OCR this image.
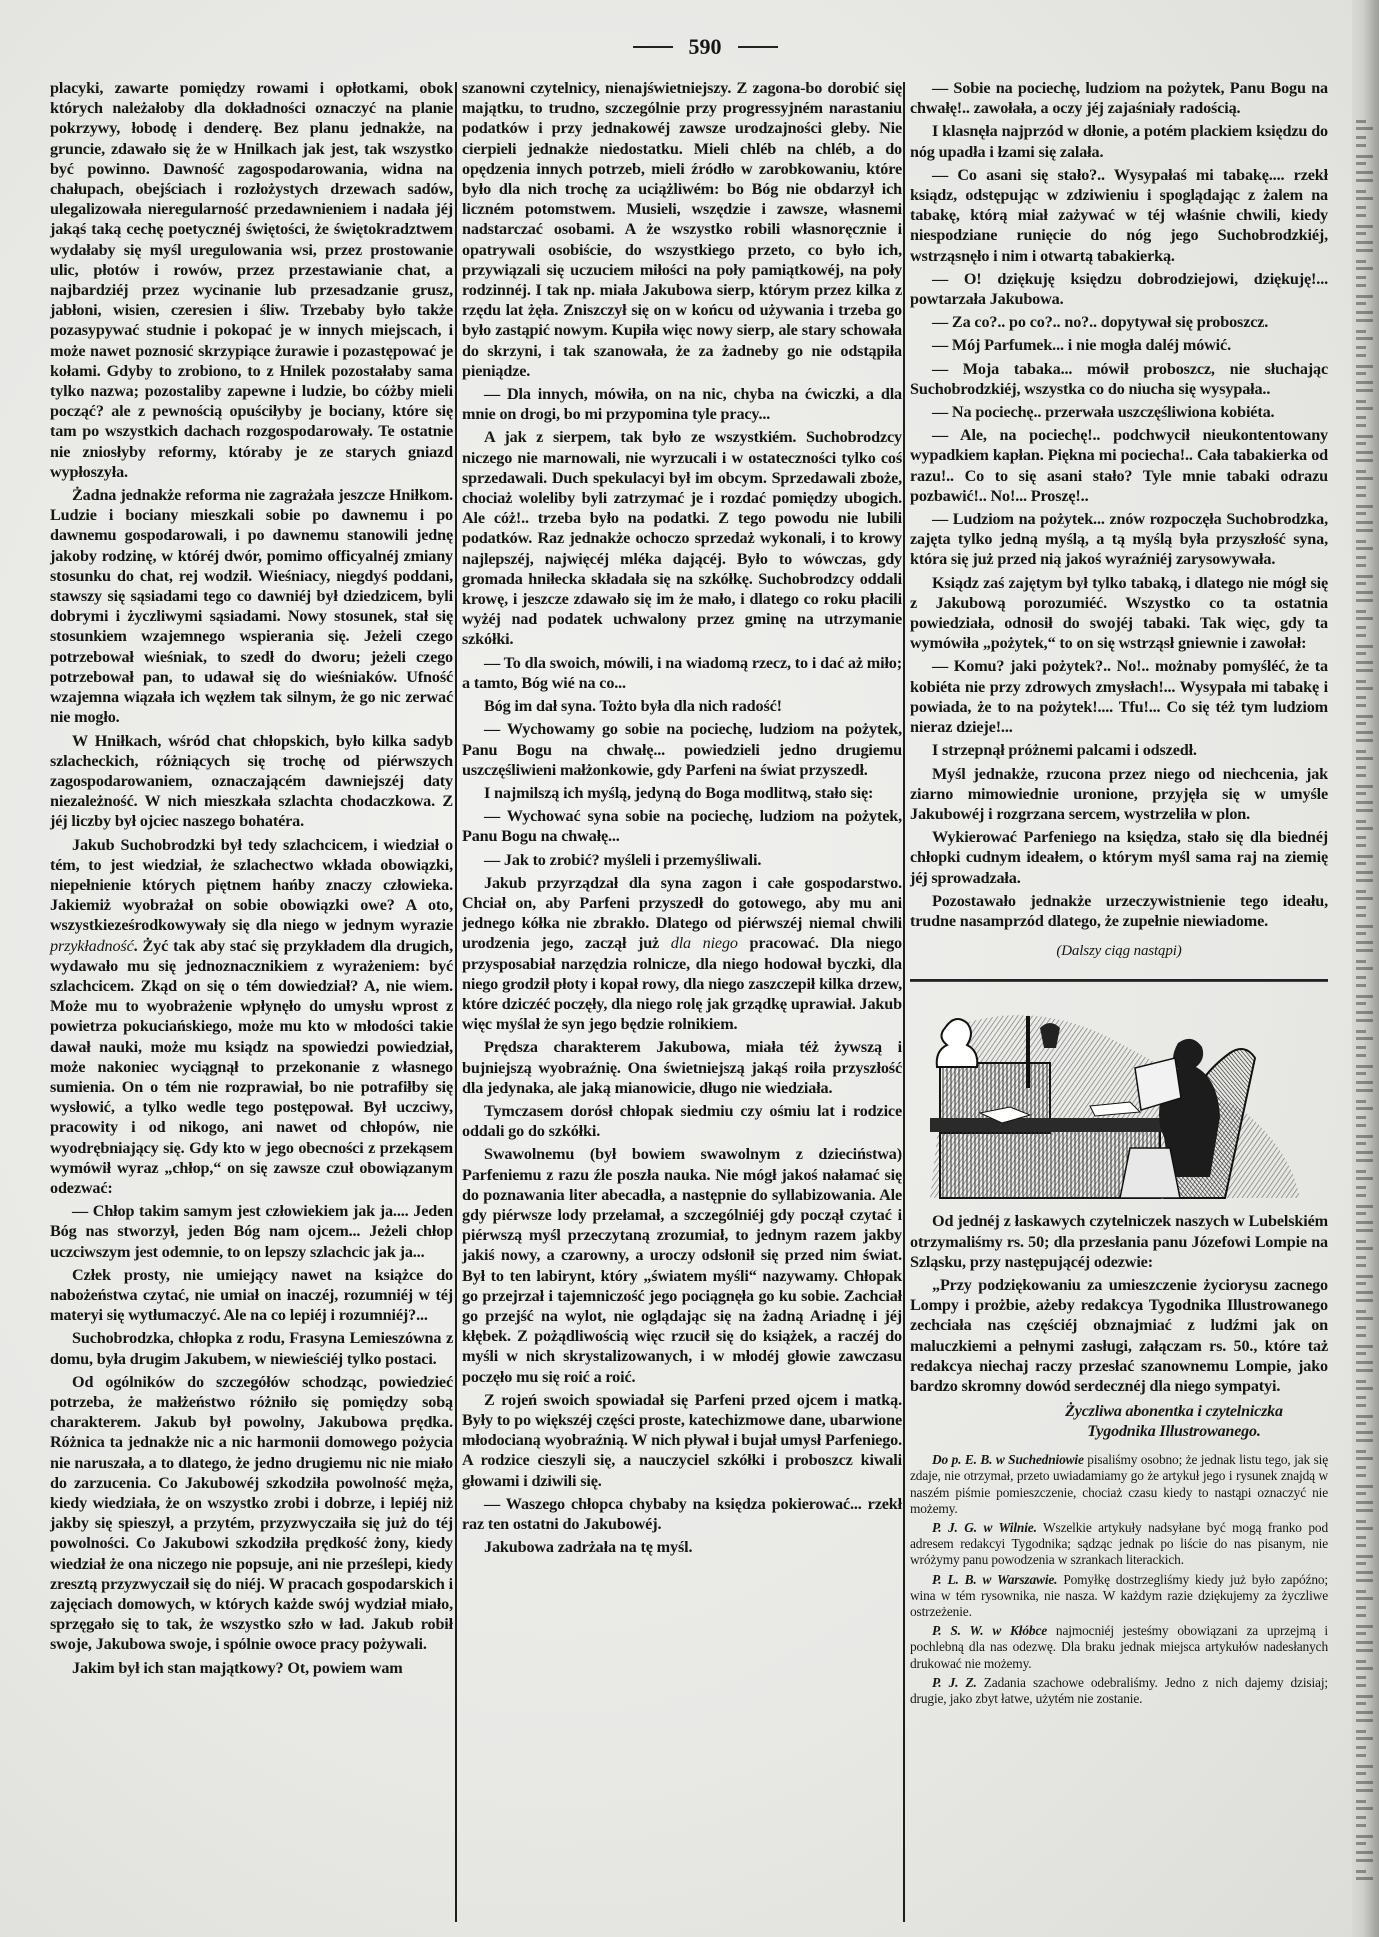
590

placyki, zawarte pomiędzy rowami i opłotkami, obok których należałoby dla dokładności oznaczyć na planie pokrzywy, łobodę i denderę. Bez planu jednakże, na gruncie, zdawało się że w Hnilkach jak jest, tak wszystko być powinno. Dawność zagospodarowania, widna na chałupach, obejściach i rozłożystych drzewach sadów, ulegalizowała nieregularność przedawnieniem i nadała jéj jakąś taką cechę poetycznéj świętości, że świętokradztwem wydałaby się myśl uregulowania wsi, przez prostowanie ulic, płotów i rowów, przez przestawianie chat, a najbardziéj przez wycinanie lub przesadzanie grusz, jabłoni, wisien, czeresien i śliw. Trzebaby było także pozasypywać studnie i pokopać je w innych miejscach, i może nawet poznosić skrzypiące żurawie i pozastępować je kołami. Gdyby to zrobiono, to z Hnilek pozostałaby sama tylko nazwa; pozostaliby zapewne i ludzie, bo cóżby mieli począć? ale z pewnością opuściłyby je bociany, które się tam po wszystkich dachach rozgospodarowały. Te ostatnie nie zniosłyby reformy, któraby je ze starych gniazd wypłoszyła.

Żadna jednakże reforma nie zagrażała jeszcze Hniłkom. Ludzie i bociany mieszkali sobie po dawnemu i po dawnemu gospodarowali, i po dawnemu stanowili jednę jakoby rodzinę, w któréj dwór, pomimo officyalnéj zmiany stosunku do chat, rej wodził. Wieśniacy, niegdyś poddani, stawszy się sąsiadami tego co dawniéj był dziedzicem, byli dobrymi i życzliwymi sąsiadami. Nowy stosunek, stał się stosunkiem wzajemnego wspierania się. Jeżeli czego potrzebował wieśniak, to szedł do dworu; jeżeli czego potrzebował pan, to udawał się do wieśniaków. Ufność wzajemna wiązała ich węzłem tak silnym, że go nic zerwać nie mogło.

W Hniłkach, wśród chat chłopskich, było kilka sadyb szlacheckich, różniących się trochę od piérwszych zagospodarowaniem, oznaczającém dawniejszéj daty niezależność. W nich mieszkała szlachta chodaczkowa. Z jéj liczby był ojciec naszego bohatéra.

Jakub Suchobrodzki był tedy szlachcicem, i wiedział o tém, to jest wiedział, że szlachectwo wkłada obowiązki, niepełnienie których piętnem hańby znaczy człowieka. Jakiemiż wyobrażał on sobie obowiązki owe? A oto, wszystkieześrodkowywały się dla niego w jednym wyrazie przykładność. Żyć tak aby stać się przykładem dla drugich, wydawało mu się jednoznacznikiem z wyrażeniem: być szlachcicem. Zkąd on się o tém dowiedział? A, nie wiem. Może mu to wyobrażenie wpłynęło do umysłu wprost z powietrza pokuciańskiego, może mu kto w młodości takie dawał nauki, może mu ksiądz na spowiedzi powiedział, może nakoniec wyciągnął to przekonanie z własnego sumienia. On o tém nie rozprawiał, bo nie potrafiłby się wysłowić, a tylko wedle tego postępował. Był uczciwy, pracowity i od nikogo, ani nawet od chłopów, nie wyodrębniający się. Gdy kto w jego obecności z przekąsem wymówił wyraz „chłop,“ on się zawsze czuł obowiązanym odezwać:

— Chłop takim samym jest człowiekiem jak ja.... Jeden Bóg nas stworzył, jeden Bóg nam ojcem... Jeżeli chłop uczciwszym jest odemnie, to on lepszy szlachcic jak ja...

Człek prosty, nie umiejący nawet na książce do nabożeństwa czytać, nie umiał on inaczéj, rozumniéj w téj materyi się wytłumaczyć. Ale na co lepiéj i rozumniéj?...

Suchobrodzka, chłopka z rodu, Frasyna Lemieszówna z domu, była drugim Jakubem, w niewieściéj tylko postaci.

Od ogólników do szczegółów schodząc, powiedzieć potrzeba, że małżeństwo różniło się pomiędzy sobą charakterem. Jakub był powolny, Jakubowa prędka. Różnica ta jednakże nic a nic harmonii domowego pożycia nie naruszała, a to dlatego, że jedno drugiemu nic nie miało do zarzucenia. Co Jakubowéj szkodziła powolność męża, kiedy wiedziała, że on wszystko zrobi i dobrze, i lepiéj niż jakby się spieszył, a przytém, przyzwyczaiła się już do téj powolności. Co Jakubowi szkodziła prędkość żony, kiedy wiedział że ona niczego nie popsuje, ani nie prześlepi, kiedy zresztą przyzwyczaił się do niéj. W pracach gospodarskich i zajęciach domowych, w których każde swój wydział miało, sprzęgało się to tak, że wszystko szło w ład. Jakub robił swoje, Jakubowa swoje, i spólnie owoce pracy pożywali.

Jakim był ich stan majątkowy? Ot, powiem wam

szanowni czytelnicy, nienajświetniejszy. Z zagona-bo dorobić się majątku, to trudno, szczególnie przy progressyjném narastaniu podatków i przy jednakowéj zawsze urodzajności gleby. Nie cierpieli jednakże niedostatku. Mieli chléb na chléb, a do opędzenia innych potrzeb, mieli źródło w zarobkowaniu, które było dla nich trochę za uciążliwém: bo Bóg nie obdarzył ich liczném potomstwem. Musieli, wszędzie i zawsze, własnemi nadstarczać osobami. A że wszystko robili własnoręcznie i opatrywali osobiście, do wszystkiego przeto, co było ich, przywiązali się uczuciem miłości na poły pamiątkowéj, na poły rodzinnéj. I tak np. miała Jakubowa sierp, którym przez kilka z rzędu lat żęła. Zniszczył się on w końcu od używania i trzeba go było zastąpić nowym. Kupiła więc nowy sierp, ale stary schowała do skrzyni, i tak szanowała, że za żadneby go nie odstąpiła pieniądze.

— Dla innych, mówiła, on na nic, chyba na ćwiczki, a dla mnie on drogi, bo mi przypomina tyle pracy...

A jak z sierpem, tak było ze wszystkiém. Suchobrodzcy niczego nie marnowali, nie wyrzucali i w ostateczności tylko coś sprzedawali. Duch spekulacyi był im obcym. Sprzedawali zboże, chociaż woleliby byli zatrzymać je i rozdać pomiędzy ubogich. Ale cóż!.. trzeba było na podatki. Z tego powodu nie lubili podatków. Raz jednakże ochoczo sprzedaż wykonali, i to krowy najlepszéj, najwięcéj mléka dającéj. Było to wówczas, gdy gromada hniłecka składała się na szkółkę. Suchobrodzcy oddali krowę, i jeszcze zdawało się im że mało, i dlatego co roku płacili wyżéj nad podatek uchwalony przez gminę na utrzymanie szkółki.

— To dla swoich, mówili, i na wiadomą rzecz, to i dać aż miło; a tamto, Bóg wié na co...

Bóg im dał syna. Tożto była dla nich radość!

— Wychowamy go sobie na pociechę, ludziom na pożytek, Panu Bogu na chwałę... powiedzieli jedno drugiemu uszczęśliwieni małżonkowie, gdy Parfeni na świat przyszedł.

I najmilszą ich myślą, jedyną do Boga modlitwą, stało się:

— Wychować syna sobie na pociechę, ludziom na pożytek, Panu Bogu na chwałę...

— Jak to zrobić? myśleli i przemyśliwali.

Jakub przyrządzał dla syna zagon i całe gospodarstwo. Chciał on, aby Parfeni przyszedł do gotowego, aby mu ani jednego kółka nie zbrakło. Dlatego od piérwszéj niemal chwili urodzenia jego, zaczął już dla niego pracować. Dla niego przysposabiał narzędzia rolnicze, dla niego hodował byczki, dla niego grodził płoty i kopał rowy, dla niego zaszczepił kilka drzew, które dziczéć poczęły, dla niego rolę jak grządkę uprawiał. Jakub więc myślał że syn jego będzie rolnikiem.

Prędsza charakterem Jakubowa, miała téż żywszą i bujniejszą wyobraźnię. Ona świetniejszą jakąś roiła przyszłość dla jedynaka, ale jaką mianowicie, długo nie wiedziała.

Tymczasem dorósł chłopak siedmiu czy ośmiu lat i rodzice oddali go do szkółki.

Swawolnemu (był bowiem swawolnym z dzieciństwa) Parfeniemu z razu źle poszła nauka. Nie mógł jakoś nałamać się do poznawania liter abecadła, a następnie do syllabizowania. Ale gdy piérwsze lody przełamał, a szczególniéj gdy począł czytać i piérwszą myśl przeczytaną zrozumiał, to jednym razem jakby jakiś nowy, a czarowny, a uroczy odsłonił się przed nim świat. Był to ten labirynt, który „światem myśli“ nazywamy. Chłopak go przejrzał i tajemniczość jego pociągnęła go ku sobie. Zachciał go przejść na wylot, nie oglądając się na żadną Ariadnę i jéj kłębek. Z pożądliwością więc rzucił się do książek, a raczéj do myśli w nich skrystalizowanych, i w młodéj głowie zawczasu poczęło mu się roić a roić.

Z rojeń swoich spowiadał się Parfeni przed ojcem i matką. Były to po większéj części proste, katechizmowe dane, ubarwione młodocianą wyobraźnią. W nich pływał i bujał umysł Parfeniego. A rodzice cieszyli się, a nauczyciel szkółki i proboszcz kiwali głowami i dziwili się.

— Waszego chłopca chybaby na księdza pokierować... rzekł raz ten ostatni do Jakubowéj.

Jakubowa zadrżała na tę myśl.

— Sobie na pociechę, ludziom na pożytek, Panu Bogu na chwałę!.. zawołała, a oczy jéj zajaśniały radością.

I klasnęła najprzód w dłonie, a potém plackiem księdzu do nóg upadła i łzami się zalała.

— Co asani się stało?.. Wysypałaś mi tabakę.... rzekł ksiądz, odstępując w zdziwieniu i spoglądając z żalem na tabakę, którą miał zażywać w téj właśnie chwili, kiedy niespodziane runięcie do nóg jego Suchobrodzkiéj, wstrząsnęło i nim i otwartą tabakierką.

— O! dziękuję księdzu dobrodziejowi, dziękuję!... powtarzała Jakubowa.

— Za co?.. po co?.. no?.. dopytywał się proboszcz.

— Mój Parfumek... i nie mogła daléj mówić.

— Moja tabaka... mówił proboszcz, nie słuchając Suchobrodzkiéj, wszystka co do niucha się wysypała..

— Na pociechę.. przerwała uszczęśliwiona kobiéta.

— Ale, na pociechę!.. podchwycił nieukontentowany wypadkiem kapłan. Piękna mi pociecha!.. Cała tabakierka od razu!.. Co to się asani stało? Tyle mnie tabaki odrazu pozbawić!.. No!... Proszę!..

— Ludziom na pożytek... znów rozpoczęła Suchobrodzka, zajęta tylko jedną myślą, a tą myślą była przyszłość syna, która się już przed nią jakoś wyraźniéj zarysowywała.

Ksiądz zaś zajętym był tylko tabaką, i dlatego nie mógł się z Jakubową porozumiéć. Wszystko co ta ostatnia powiedziała, odnosił do swojéj tabaki. Tak więc, gdy ta wymówiła „pożytek,“ to on się wstrząsł gniewnie i zawołał:

— Komu? jaki pożytek?.. No!.. możnaby pomyśléć, że ta kobiéta nie przy zdrowych zmysłach!... Wysypała mi tabakę i powiada, że to na pożytek!.... Tfu!... Co się téż tym ludziom nieraz dzieje!...

I strzepnął próżnemi palcami i odszedł.

Myśl jednakże, rzucona przez niego od niechcenia, jak ziarno mimowiednie uronione, przyjęła się w umyśle Jakubowéj i rozgrzana sercem, wystrzeliła w plon.

Wykierować Parfeniego na księdza, stało się dla biednéj chłopki cudnym ideałem, o którym myśl sama raj na ziemię jéj sprowadzała.

Pozostawało jednakże urzeczywistnienie tego ideału, trudne nasamprzód dlatego, że zupełnie niewiadome.

(Dalszy ciąg nastąpi)

Od jednéj z łaskawych czytelniczek naszych w Lubelskiém otrzymaliśmy rs. 50; dla przesłania panu Józefowi Lompie na Szląsku, przy następującéj odezwie:

„Przy podziękowaniu za umieszczenie życiorysu zacnego Lompy i prożbie, ażeby redakcya Tygodnika Illustrowanego zechciała nas częściéj obznajmiać z ludźmi jak on maluczkiemi a pełnymi zasługi, załączam rs. 50., które taż redakcya niechaj raczy przesłać szanownemu Lompie, jako bardzo skromny dowód serdecznéj dla niego sympatyi.

Życzliwa abonentka i czytelniczka
Tygodnika Illustrowanego.

Do p. E. B. w Suchedniowie pisaliśmy osobno; że jednak listu tego, jak się zdaje, nie otrzymał, przeto uwiadamiamy go że artykuł jego i rysunek znajdą w naszém piśmie pomieszczenie, chociaż czasu kiedy to nastąpi oznaczyć nie możemy.

P. J. G. w Wilnie. Wszelkie artykuły nadsyłane być mogą franko pod adresem redakcyi Tygodnika; sądząc jednak po liście do nas pisanym, nie wróżymy panu powodzenia w szrankach literackich.

P. L. B. w Warszawie. Pomyłkę dostrzegliśmy kiedy już było zapóźno; wina w tém rysownika, nie nasza. W każdym razie dziękujemy za życzliwe ostrzeżenie.

P. S. W. w Kłóbce najmocniéj jesteśmy obowiązani za uprzejmą i pochlebną dla nas odezwę. Dla braku jednak miejsca artykułów nadesłanych drukować nie możemy.

P. J. Z. Zadania szachowe odebraliśmy. Jedno z nich dajemy dzisiaj; drugie, jako zbyt łatwe, użytém nie zostanie.
